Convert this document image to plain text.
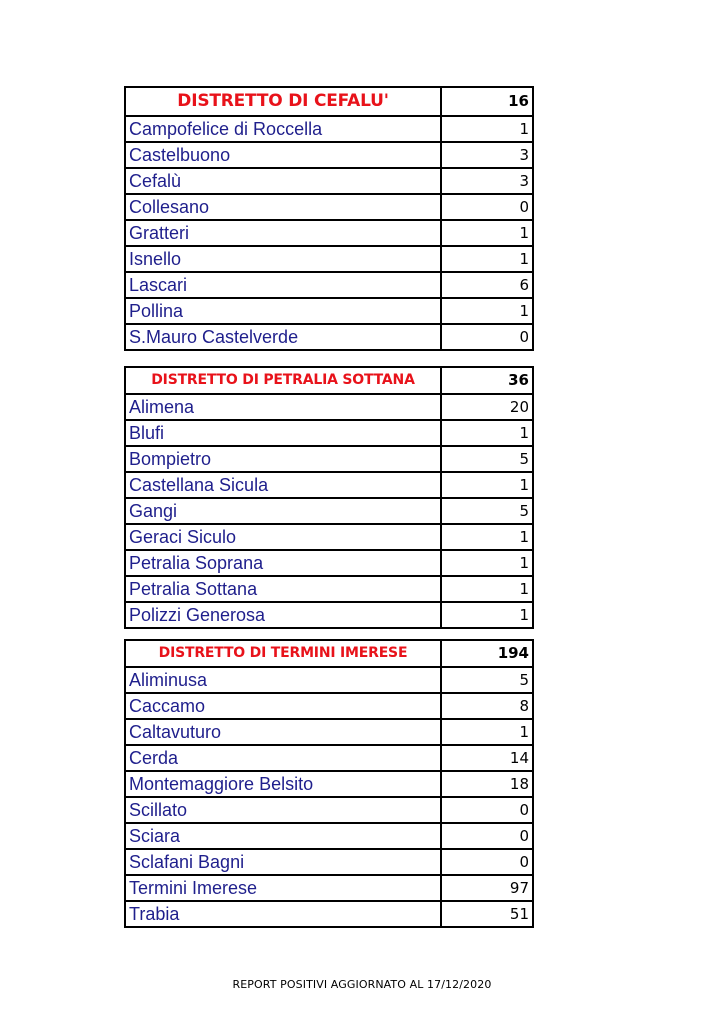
DISTRETTO DI CEFALU'	16
Campofelice di Roccella	1
Castelbuono	3
Cefalù	3
Collesano	0
Gratteri	1
Isnello	1
Lascari	6
Pollina	1
S.Mauro Castelverde	0
DISTRETTO DI PETRALIA SOTTANA	36
Alimena	20
Blufi	1
Bompietro	5
Castellana Sicula	1
Gangi	5
Geraci Siculo	1
Petralia Soprana	1
Petralia Sottana	1
Polizzi Generosa	1
DISTRETTO DI TERMINI IMERESE	194
Aliminusa	5
Caccamo	8
Caltavuturo	1
Cerda	14
Montemaggiore Belsito	18
Scillato	0
Sciara	0
Sclafani Bagni	0
Termini Imerese	97
Trabia	51
REPORT POSITIVI AGGIORNATO AL 17/12/2020
